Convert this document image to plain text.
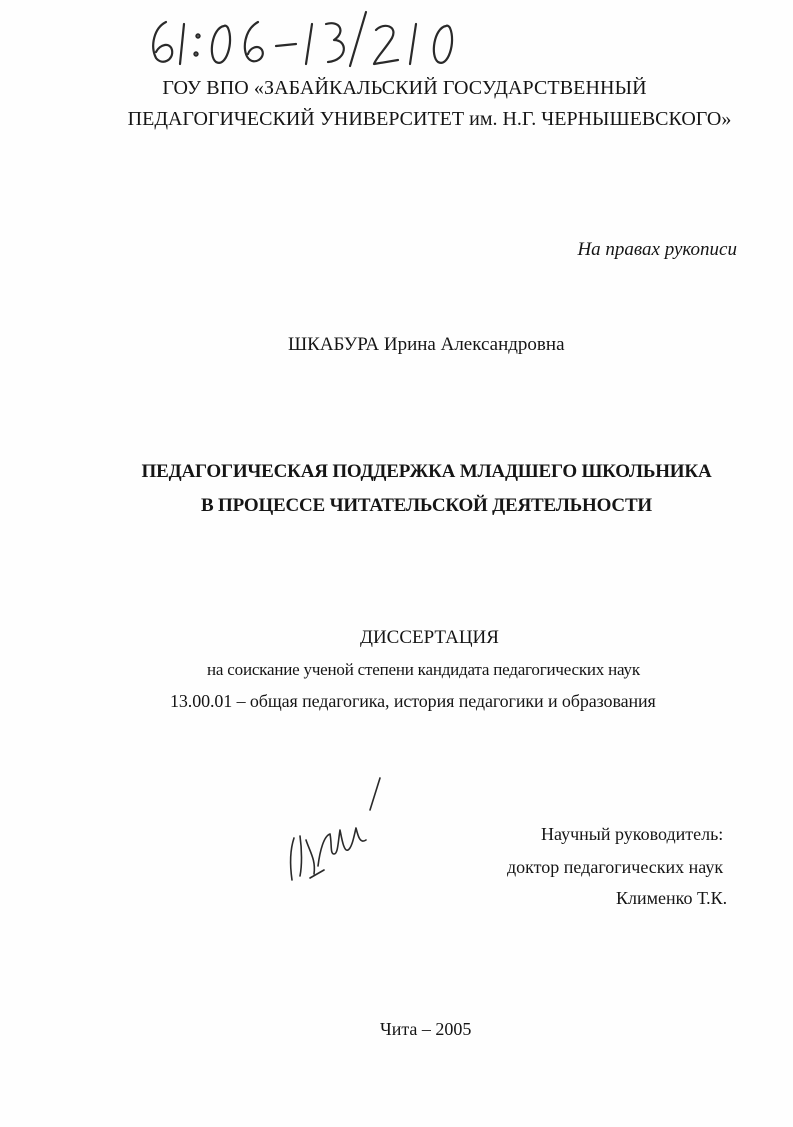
ГОУ ВПО «ЗАБАЙКАЛЬСКИЙ ГОСУДАРСТВЕННЫЙ
ПЕДАГОГИЧЕСКИЙ УНИВЕРСИТЕТ им. Н.Г. ЧЕРНЫШЕВСКОГО»
На правах рукописи
ШКАБУРА Ирина Александровна
ПЕДАГОГИЧЕСКАЯ ПОДДЕРЖКА МЛАДШЕГО ШКОЛЬНИКА
В ПРОЦЕССЕ ЧИТАТЕЛЬСКОЙ ДЕЯТЕЛЬНОСТИ
ДИССЕРТАЦИЯ
на соискание ученой степени кандидата педагогических наук
13.00.01 – общая педагогика, история педагогики и образования
Научный руководитель:
доктор педагогических наук
Клименко Т.К.
Чита – 2005
